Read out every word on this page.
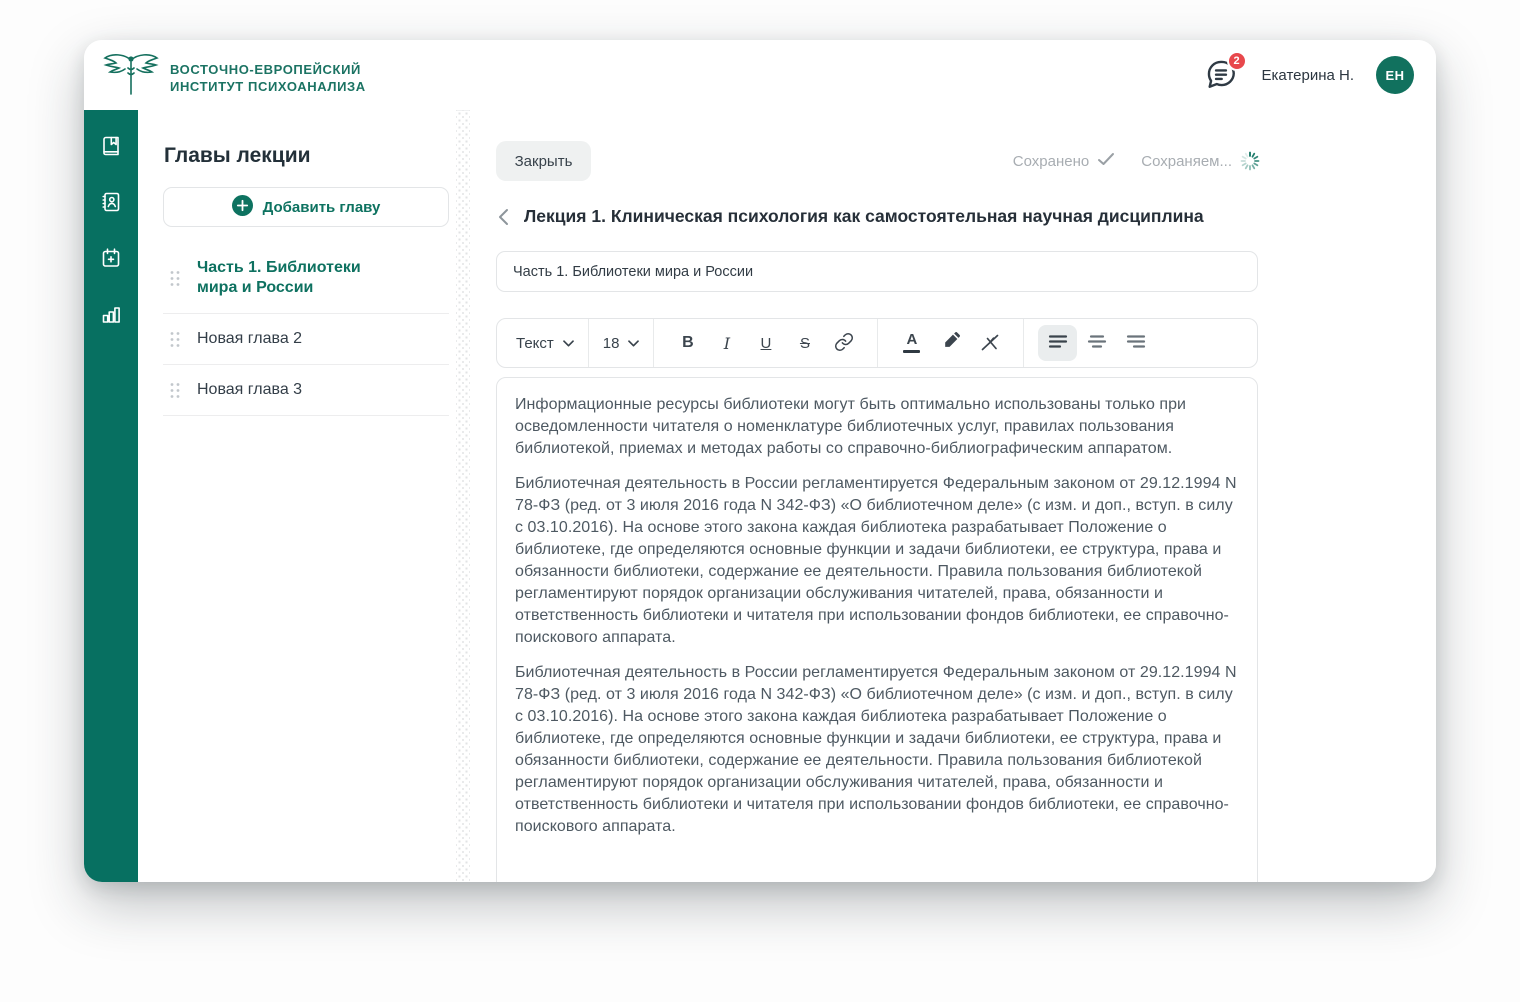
ВОСТОЧНО-ЕВРОПЕЙСКИЙ
ИНСТИТУТ ПСИХОАНАЛИЗА
2
Екатерина Н.	ЕН
Главы лекции
Добавить главу
Часть 1. Библиотеки мира и России
Новая глава 2
Новая глава 3
Закрыть	Сохранено	Сохраняем...
Лекция 1. Клиническая психология как самостоятельная научная дисциплина
Часть 1. Библиотеки мира и России
Текст	18	B I U S	А

Информационные ресурсы библиотеки могут быть оптимально использованы только при осведомленности читателя о номенклатуре библиотечных услуг, правилах пользования библиотекой, приемах и методах работы со справочно-библиографическим аппаратом.

Библиотечная деятельность в России регламентируется Федеральным законом от 29.12.1994 N 78-ФЗ (ред. от 3 июля 2016 года N 342-ФЗ) «О библиотечном деле» (с изм. и доп., вступ. в силу с 03.10.2016). На основе этого закона каждая библиотека разрабатывает Положение о библиотеке, где определяются основные функции и задачи библиотеки, ее структура, права и обязанности библиотеки, содержание ее деятельности. Правила пользования библиотекой регламентируют порядок организации обслуживания читателей, права, обязанности и ответственность библиотеки и читателя при использовании фондов библиотеки, ее справочно-поискового аппарата.

Библиотечная деятельность в России регламентируется Федеральным законом от 29.12.1994 N 78-ФЗ (ред. от 3 июля 2016 года N 342-ФЗ) «О библиотечном деле» (с изм. и доп., вступ. в силу с 03.10.2016). На основе этого закона каждая библиотека разрабатывает Положение о библиотеке, где определяются основные функции и задачи библиотеки, ее структура, права и обязанности библиотеки, содержание ее деятельности. Правила пользования библиотекой регламентируют порядок организации обслуживания читателей, права, обязанности и ответственность библиотеки и читателя при использовании фондов библиотеки, ее справочно-поискового аппарата.
